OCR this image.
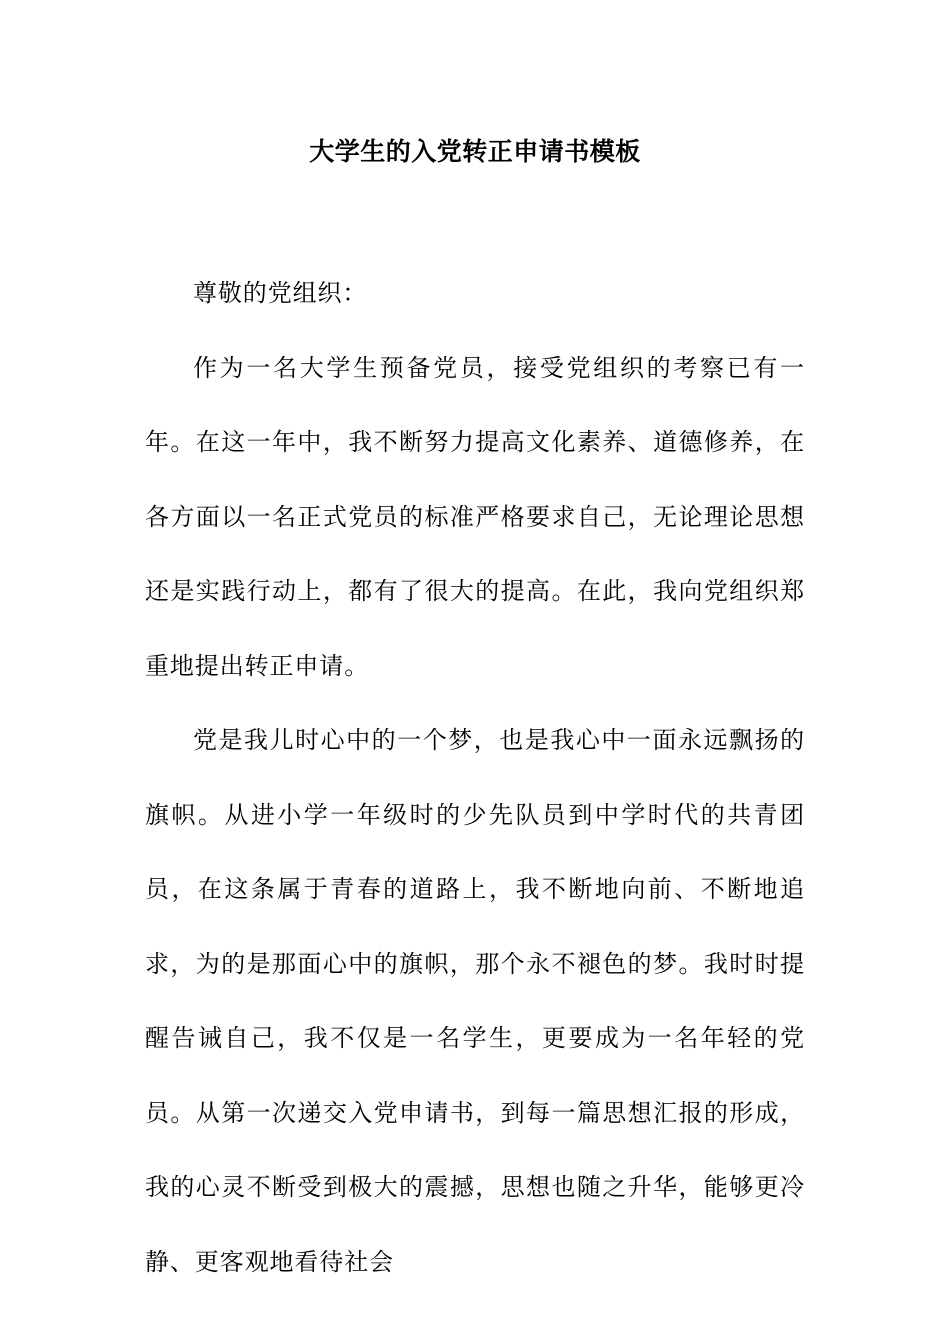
大学生的入党转正申请书模板

尊敬的党组织：

作为一名大学生预备党员，接受党组织的考察已有一年。在这一年中，我不断努力提高文化素养、道德修养，在各方面以一名正式党员的标准严格要求自己，无论理论思想还是实践行动上，都有了很大的提高。在此，我向党组织郑重地提出转正申请。

党是我儿时心中的一个梦，也是我心中一面永远飘扬的旗帜。从进小学一年级时的少先队员到中学时代的共青团员，在这条属于青春的道路上，我不断地向前、不断地追求，为的是那面心中的旗帜，那个永不褪色的梦。我时时提醒告诫自己，我不仅是一名学生，更要成为一名年轻的党员。从第一次递交入党申请书，到每一篇思想汇报的形成，我的心灵不断受到极大的震撼，思想也随之升华，能够更冷静、更客观地看待社会
